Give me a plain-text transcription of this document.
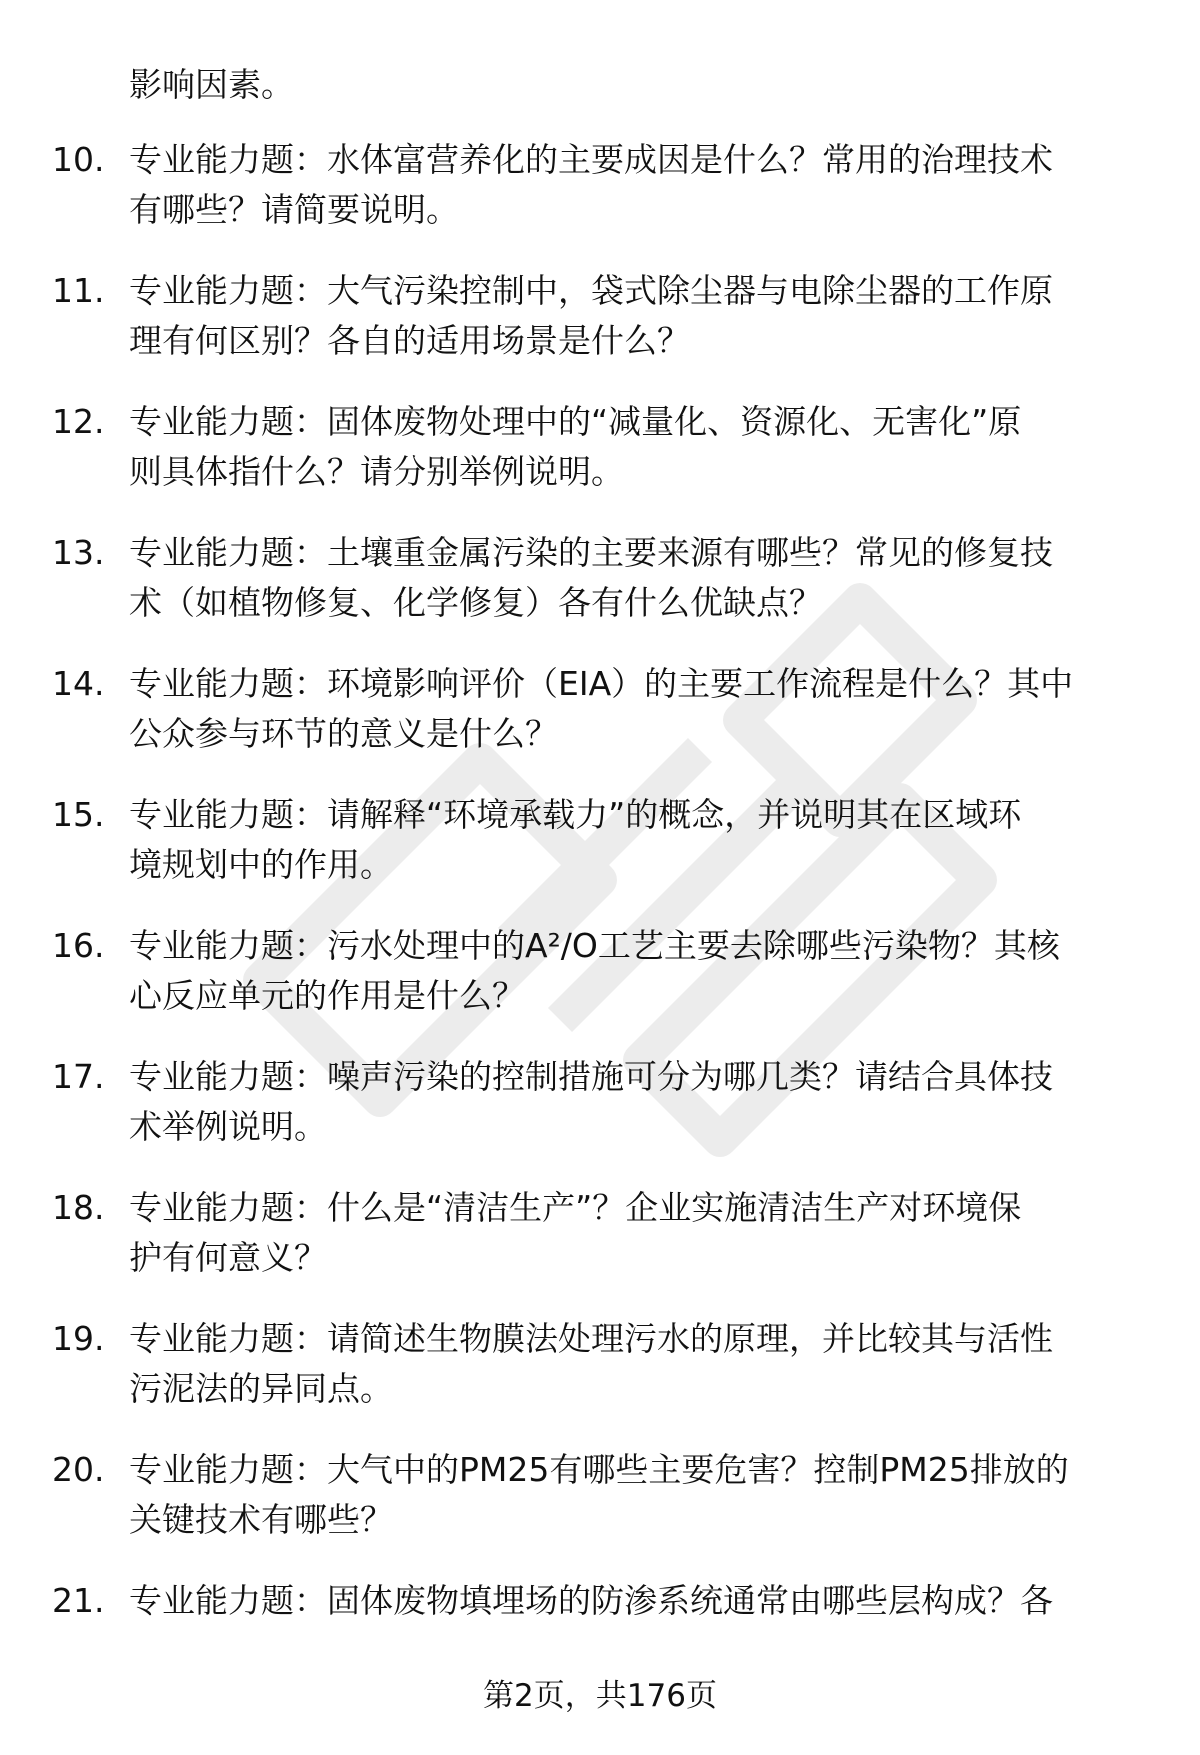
影响因素。
10. 专业能力题：水体富营养化的主要成因是什么？常用的治理技术
有哪些？请简要说明。
11. 专业能力题：大气污染控制中，袋式除尘器与电除尘器的工作原
理有何区别？各自的适用场景是什么？
12. 专业能力题：固体废物处理中的“减量化、资源化、无害化”原
则具体指什么？请分别举例说明。
13. 专业能力题：土壤重金属污染的主要来源有哪些？常见的修复技
术（如植物修复、化学修复）各有什么优缺点？
14. 专业能力题：环境影响评价（EIA）的主要工作流程是什么？其中
公众参与环节的意义是什么？
15. 专业能力题：请解释“环境承载力”的概念，并说明其在区域环
境规划中的作用。
16. 专业能力题：污水处理中的A²/O工艺主要去除哪些污染物？其核
心反应单元的作用是什么？
17. 专业能力题：噪声污染的控制措施可分为哪几类？请结合具体技
术举例说明。
18. 专业能力题：什么是“清洁生产”？企业实施清洁生产对环境保
护有何意义？
19. 专业能力题：请简述生物膜法处理污水的原理，并比较其与活性
污泥法的异同点。
20. 专业能力题：大气中的PM25有哪些主要危害？控制PM25排放的
关键技术有哪些？
21. 专业能力题：固体废物填埋场的防渗系统通常由哪些层构成？各
第2页，共176页
